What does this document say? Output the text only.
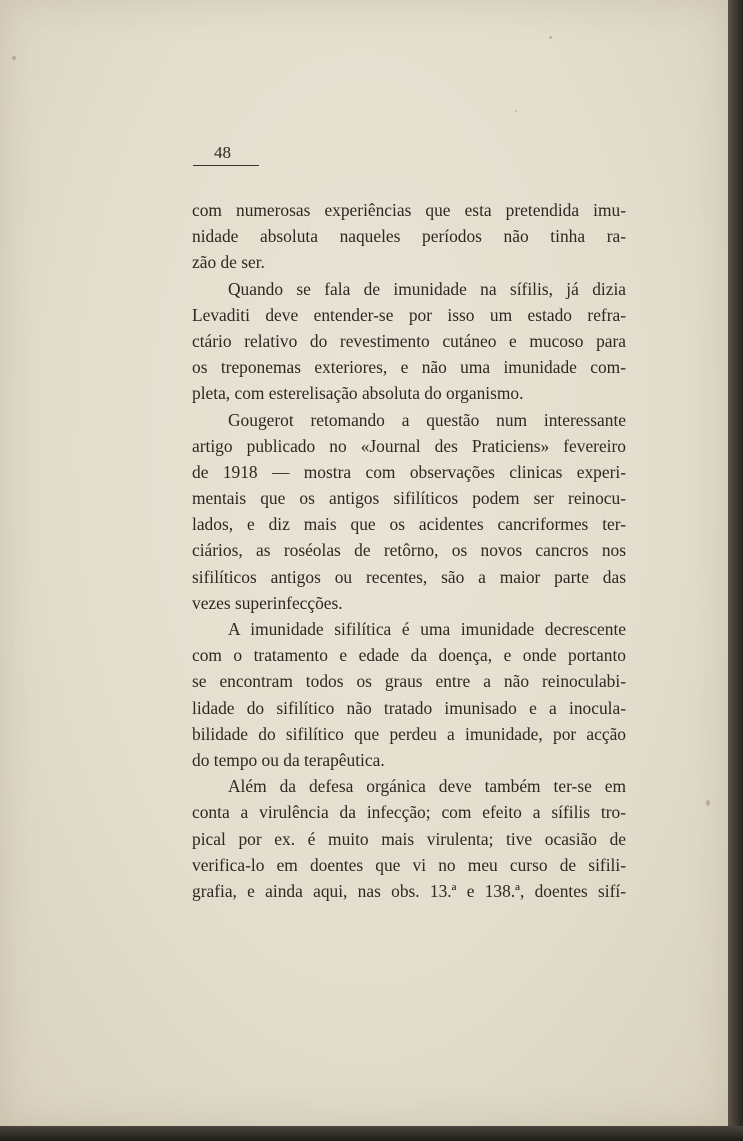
48
com numerosas experiências que esta pretendida imu-
nidade absoluta naqueles períodos não tinha ra-
zão de ser.
Quando se fala de imunidade na sífilis, já dizia
Levaditi deve entender-se por isso um estado refra-
ctário relativo do revestimento cutáneo e mucoso para
os treponemas exteriores, e não uma imunidade com-
pleta, com esterelisação absoluta do organismo.
Gougerot retomando a questão num interessante
artigo publicado no «Journal des Praticiens» fevereiro
de 1918 — mostra com observações clinicas experi-
mentais que os antigos sifilíticos podem ser reinocu-
lados, e diz mais que os acidentes cancriformes ter-
ciários, as roséolas de retôrno, os novos cancros nos
sifilíticos antigos ou recentes, são a maior parte das
vezes superinfecções.
A imunidade sifilítica é uma imunidade decrescente
com o tratamento e edade da doença, e onde portanto
se encontram todos os graus entre a não reinoculabi-
lidade do sifilítico não tratado imunisado e a inocula-
bilidade do sifilítico que perdeu a imunidade, por acção
do tempo ou da terapêutica.
Além da defesa orgánica deve também ter-se em
conta a virulência da infecção; com efeito a sífilis tro-
pical por ex. é muito mais virulenta; tive ocasião de
verifica-lo em doentes que vi no meu curso de sifili-
grafia, e ainda aqui, nas obs. 13.ª e 138.ª, doentes sifí-
